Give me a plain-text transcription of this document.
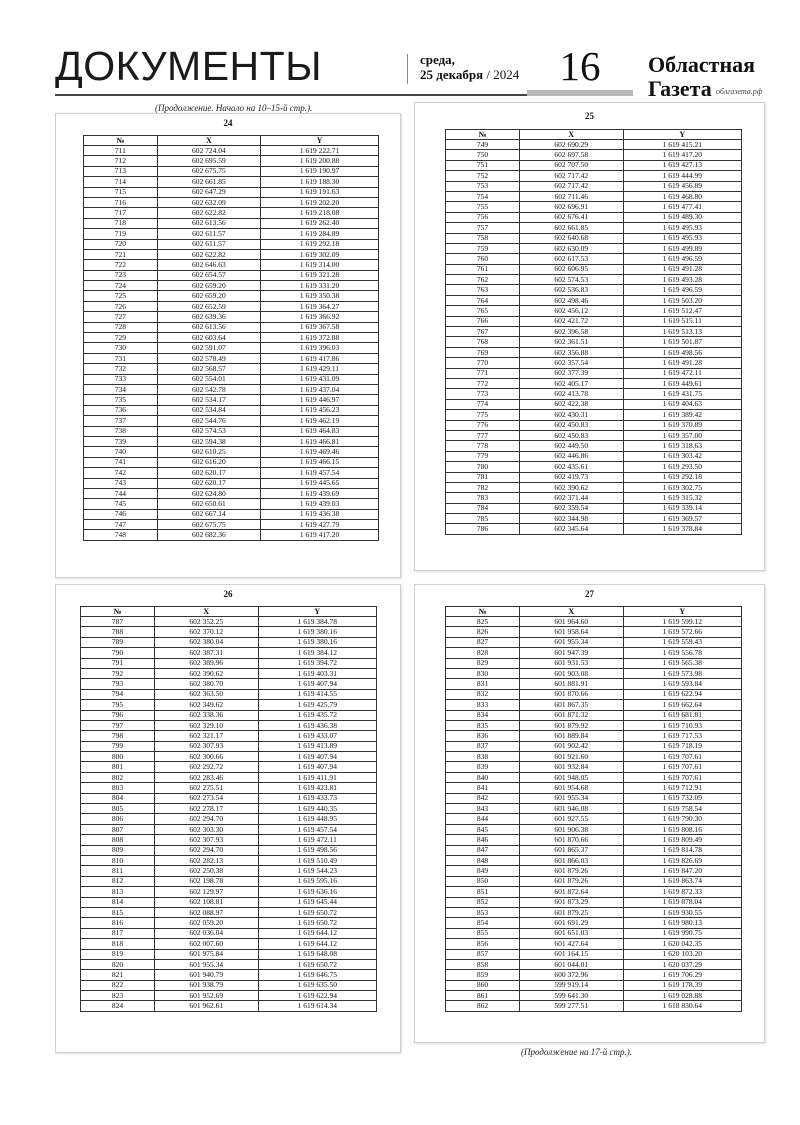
ДОКУМЕНТЫ	среда,
25 декабря / 2024 16	Областная
Газета облгазета.рф
(Продолжение. Начало на 10–15-й стр.).
24
№	X	Y
711	602 724.04	1 619 222.71
712	602 695.59	1 619 200.88
713	602 675.75	1 619 190.97
714	602 661.85	1 619 188.30
715	602 647.29	1 619 191.63
716	602 632.09	1 619 202.20
717	602 622.82	1 619 218.08
718	602 613.56	1 619 262.40
719	602 611.57	1 619 284.89
720	602 611.57	1 619 292.18
721	602 622.82	1 619 302.09
722	602 646.63	1 619 314.00
723	602 654.57	1 619 321.28
724	602 659.20	1 619 331.20
725	602 659.20	1 619 350.38
726	602 652.59	1 619 364.27
727	602 639.36	1 619 366.92
728	602 613.56	1 619 367.58
729	602 603.64	1 619 372.88
730	602 591.07	1 619 396.03
731	602 578.49	1 619 417.86
732	602 568.57	1 619 429.11
733	602 554.01	1 619 431.09
734	602 542.78	1 619 437.04
735	602 534.17	1 619 446.97
736	602 534.84	1 619 456.23
737	602 544.76	1 619 462.19
738	602 574.53	1 619 464.83
739	602 594.38	1 619 466.81
740	602 610.25	1 619 469.46
741	602 616.20	1 619 466.15
742	602 620.17	1 619 457.54
743	602 620.17	1 619 445.65
744	602 624.80	1 619 439.69
745	602 650.61	1 619 439.03
746	602 667.14	1 619 436.38
747	602 675.75	1 619 427.79
748	602 682.36	1 619 417.20
25
№	X	Y
749	602 690.29	1 619 415.21
750	602 697.58	1 619 417.20
751	602 707.50	1 619 427.13
752	602 717.42	1 619 444.99
753	602 717.42	1 619 456.89
754	602 711.46	1 619 468.80
755	602 696.91	1 619 477.41
756	602 676.41	1 619 489.30
757	602 661.85	1 619 495.93
758	602 640.68	1 619 495.93
759	602 630.09	1 619 499.89
760	602 617.53	1 619 496.59
761	602 606.95	1 619 491.28
762	602 574.53	1 619 493.28
763	602 536.83	1 619 496.59
764	602 498.46	1 619 503.20
765	602 456.12	1 619 512.47
766	602 421.72	1 619 515.11
767	602 396.58	1 619 513.13
768	602 361.51	1 619 501.87
769	602 356.88	1 619 498.56
770	602 357.54	1 619 491.28
771	602 377.39	1 619 472.11
772	602 405.17	1 619 449.61
773	602 413.78	1 619 431.75
774	602 422.38	1 619 404.63
775	602 430.31	1 619 389.42
776	602 450.83	1 619 370.89
777	602 450.83	1 619 357.00
778	602 449.50	1 619 318.63
779	602 446.86	1 619 303.42
780	602 435.61	1 619 293.50
781	602 419.73	1 619 292.18
782	602 390.62	1 619 302.75
783	602 371.44	1 619 315.32
784	602 359.54	1 619 339.14
785	602 344.98	1 619 369.57
786	602 345.64	1 619 378.84
26
№	X	Y
787	602 352.25	1 619 384.78
788	602 370.12	1 619 380.16
789	602 380.04	1 619 380.16
790	602 387.31	1 619 384.12
791	602 389.96	1 619 394.72
792	602 390.62	1 619 403.31
793	602 380.70	1 619 407.94
794	602 363.50	1 619 414.55
795	602 349.62	1 619 425.79
796	602 338.36	1 619 435.72
797	602 329.10	1 619 436.38
798	602 321.17	1 619 433.07
799	602 307.93	1 619 413.89
800	602 300.66	1 619 407.94
801	602 292.72	1 619 407.94
802	602 283.46	1 619 411.91
803	602 275.51	1 619 423.81
804	602 273.54	1 619 433.73
805	602 278.17	1 619 440.35
806	602 294.70	1 619 448.95
807	602 303.30	1 619 457.54
808	602 307.93	1 619 472.11
809	602 294.70	1 619 498.56
810	602 282.13	1 619 510.49
811	602 250.38	1 619 544.23
812	602 198.78	1 619 595.16
813	602 129.97	1 619 636.16
814	602 108.81	1 619 645.44
815	602 088.97	1 619 650.72
816	602 059.20	1 619 650.72
817	602 036.04	1 619 644.12
818	602 007.60	1 619 644.12
819	601 975.84	1 619 648.08
820	601 955.34	1 619 650.72
821	601 940.79	1 619 646.75
822	601 938.79	1 619 635.50
823	601 952.69	1 619 622.94
824	601 962.61	1 619 614.34
27
№	X	Y
825	601 964.60	1 619 599.12
826	601 958.64	1 619 572.66
827	601 955.34	1 619 559.43
828	601 947.39	1 619 556.78
829	601 931.53	1 619 565.38
830	601 903.08	1 619 573.98
831	601 881.91	1 619 593.84
832	601 870.66	1 619 622.94
833	601 867.35	1 619 662.64
834	601 871.32	1 619 681.81
835	601 879.92	1 619 710.93
836	601 889.84	1 619 717.53
837	601 902.42	1 619 718.19
838	601 921.60	1 619 707.61
839	601 932.84	1 619 707.61
840	601 948.05	1 619 707.61
841	601 954.68	1 619 712.91
842	601 955.34	1 619 732.09
843	601 946.08	1 619 758.54
844	601 927.55	1 619 790.30
845	601 906.38	1 619 808.16
846	601 870.66	1 619 809.49
847	601 865.37	1 619 814.78
848	601 866.03	1 619 826.69
849	601 879.26	1 619 847.20
850	601 879.26	1 619 863.74
851	601 872.64	1 619 872.33
852	601 873.29	1 619 878.04
853	601 879.25	1 619 930.55
854	601 691.29	1 619 980.13
855	601 651.03	1 619 990.75
856	601 427.64	1 620 042.35
857	601 164.15	1 620 103.20
858	601 044.01	1 620 037.29
859	600 372.96	1 619 706.29
860	599 919.14	1 619 178.39
861	599 641.30	1 619 028.88
862	599 277.51	1 618 830.64
(Продолжение на 17-й стр.).
